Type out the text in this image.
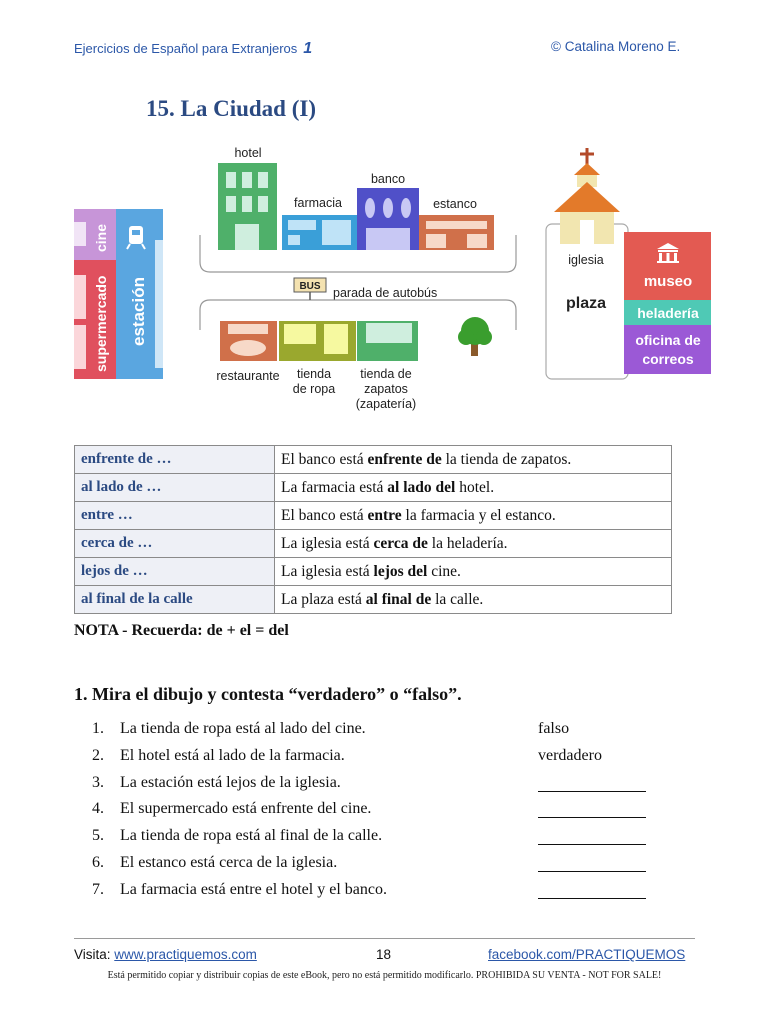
Ejercicios de Español para Extranjeros 1	© Catalina Moreno E.
15. La Ciudad (I)
hotel
farmacia
banco
estanco
cine
supermercado estación	BUS parada de autobús
restaurante tienda
de ropa
tienda de
zapatos
(zapatería)
iglesia
plaza
museo
heladería
oficina de
correos
enfrente de …	El banco está enfrente de la tienda de zapatos.
al lado de …	La farmacia está al lado del hotel.
entre …	El banco está entre la farmacia y el estanco.
cerca de …	La iglesia está cerca de la heladería.
lejos de …	La iglesia está lejos del cine.
al final de la calle	La plaza está al final de la calle.
NOTA - Recuerda: de + el = del
1. Mira el dibujo y contesta “verdadero” o “falso”.
1. La tienda de ropa está al lado del cine.	falso
2. El hotel está al lado de la farmacia.	verdadero
3. La estación está lejos de la iglesia.
4. El supermercado está enfrente del cine.
5. La tienda de ropa está al final de la calle.
6. El estanco está cerca de la iglesia.
7. La farmacia está entre el hotel y el banco.
Visita: www.practiquemos.com	18	facebook.com/PRACTIQUEMOS
Está permitido copiar y distribuir copias de este eBook, pero no está permitido modificarlo. PROHIBIDA SU VENTA - NOT FOR SALE!
